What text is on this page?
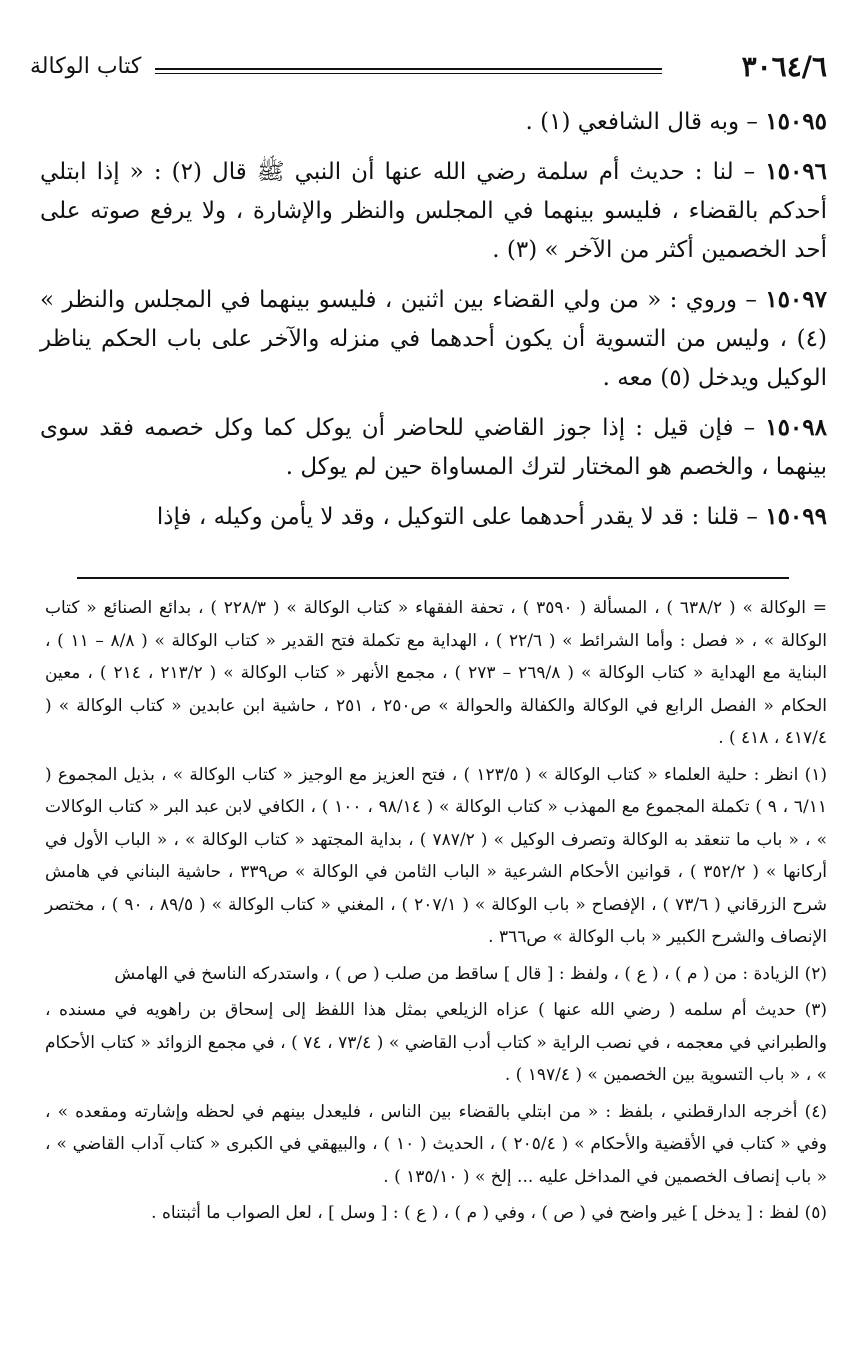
٣٠٦٤/٦
كتاب الوكالة

١٥٠٩٥ – وبه قال الشافعي (١) .

١٥٠٩٦ – لنا : حديث أم سلمة رضي الله عنها أن النبي ﷺ قال (٢) : « إذا ابتلي أحدكم بالقضاء ، فليسو بينهما في المجلس والنظر والإشارة ، ولا يرفع صوته على أحد الخصمين أكثر من الآخر » (٣) .

١٥٠٩٧ – وروي : « من ولي القضاء بين اثنين ، فليسو بينهما في المجلس والنظر » (٤) ، وليس من التسوية أن يكون أحدهما في منزله والآخر على باب الحكم يناظر الوكيل ويدخل (٥) معه .

١٥٠٩٨ – فإن قيل : إذا جوز القاضي للحاضر أن يوكل كما وكل خصمه فقد سوى بينهما ، والخصم هو المختار لترك المساواة حين لم يوكل .

١٥٠٩٩ – قلنا : قد لا يقدر أحدهما على التوكيل ، وقد لا يأمن وكيله ، فإذا

= الوكالة » ( ٦٣٨/٢ ) ، المسألة ( ٣٥٩٠ ) ، تحفة الفقهاء « كتاب الوكالة » ( ٢٢٨/٣ ) ، بدائع الصنائع « كتاب الوكالة » ، « فصل : وأما الشرائط » ( ٢٢/٦ ) ، الهداية مع تكملة فتح القدير « كتاب الوكالة » ( ٨/٨ – ١١ ) ، البناية مع الهداية « كتاب الوكالة » ( ٢٦٩/٨ – ٢٧٣ ) ، مجمع الأنهر « كتاب الوكالة » ( ٢١٣/٢ ، ٢١٤ ) ، معين الحكام « الفصل الرابع في الوكالة والكفالة والحوالة » ص٢٥٠ ، ٢٥١ ، حاشية ابن عابدين « كتاب الوكالة » ( ٤١٧/٤ ، ٤١٨ ) .

(١) انظر : حلية العلماء « كتاب الوكالة » ( ١٢٣/٥ ) ، فتح العزيز مع الوجيز « كتاب الوكالة » ، بذيل المجموع ( ٦/١١ ، ٩ ) تكملة المجموع مع المهذب « كتاب الوكالة » ( ٩٨/١٤ ، ١٠٠ ) ، الكافي لابن عبد البر « كتاب الوكالات » ، « باب ما تنعقد به الوكالة وتصرف الوكيل » ( ٧٨٧/٢ ) ، بداية المجتهد « كتاب الوكالة » ، « الباب الأول في أركانها » ( ٣٥٢/٢ ) ، قوانين الأحكام الشرعية « الباب الثامن في الوكالة » ص٣٣٩ ، حاشية البناني في هامش شرح الزرقاني ( ٧٣/٦ ) ، الإفصاح « باب الوكالة » ( ٢٠٧/١ ) ، المغني « كتاب الوكالة » ( ٨٩/٥ ، ٩٠ ) ، مختصر الإنصاف والشرح الكبير « باب الوكالة » ص٣٦٦ .

(٢) الزيادة : من ( م ) ، ( ع ) ، ولفظ : [ قال ] ساقط من صلب ( ص ) ، واستدركه الناسخ في الهامش

(٣) حديث أم سلمه ( رضي الله عنها ) عزاه الزيلعي بمثل هذا اللفظ إلى إسحاق بن راهويه في مسنده ، والطبراني في معجمه ، في نصب الراية « كتاب أدب القاضي » ( ٧٣/٤ ، ٧٤ ) ، في مجمع الزوائد « كتاب الأحكام » ، « باب التسوية بين الخصمين » ( ١٩٧/٤ ) .

(٤) أخرجه الدارقطني ، بلفظ : « من ابتلي بالقضاء بين الناس ، فليعدل بينهم في لحظه وإشارته ومقعده » ، وفي « كتاب في الأقضية والأحكام » ( ٢٠٥/٤ ) ، الحديث ( ١٠ ) ، والبيهقي في الكبرى « كتاب آداب القاضي » ، « باب إنصاف الخصمين في المداخل عليه ... إلخ » ( ١٣٥/١٠ ) .

(٥) لفظ : [ يدخل ] غير واضح في ( ص ) ، وفي ( م ) ، ( ع ) : [ وسل ] ، لعل الصواب ما أثبتناه .
